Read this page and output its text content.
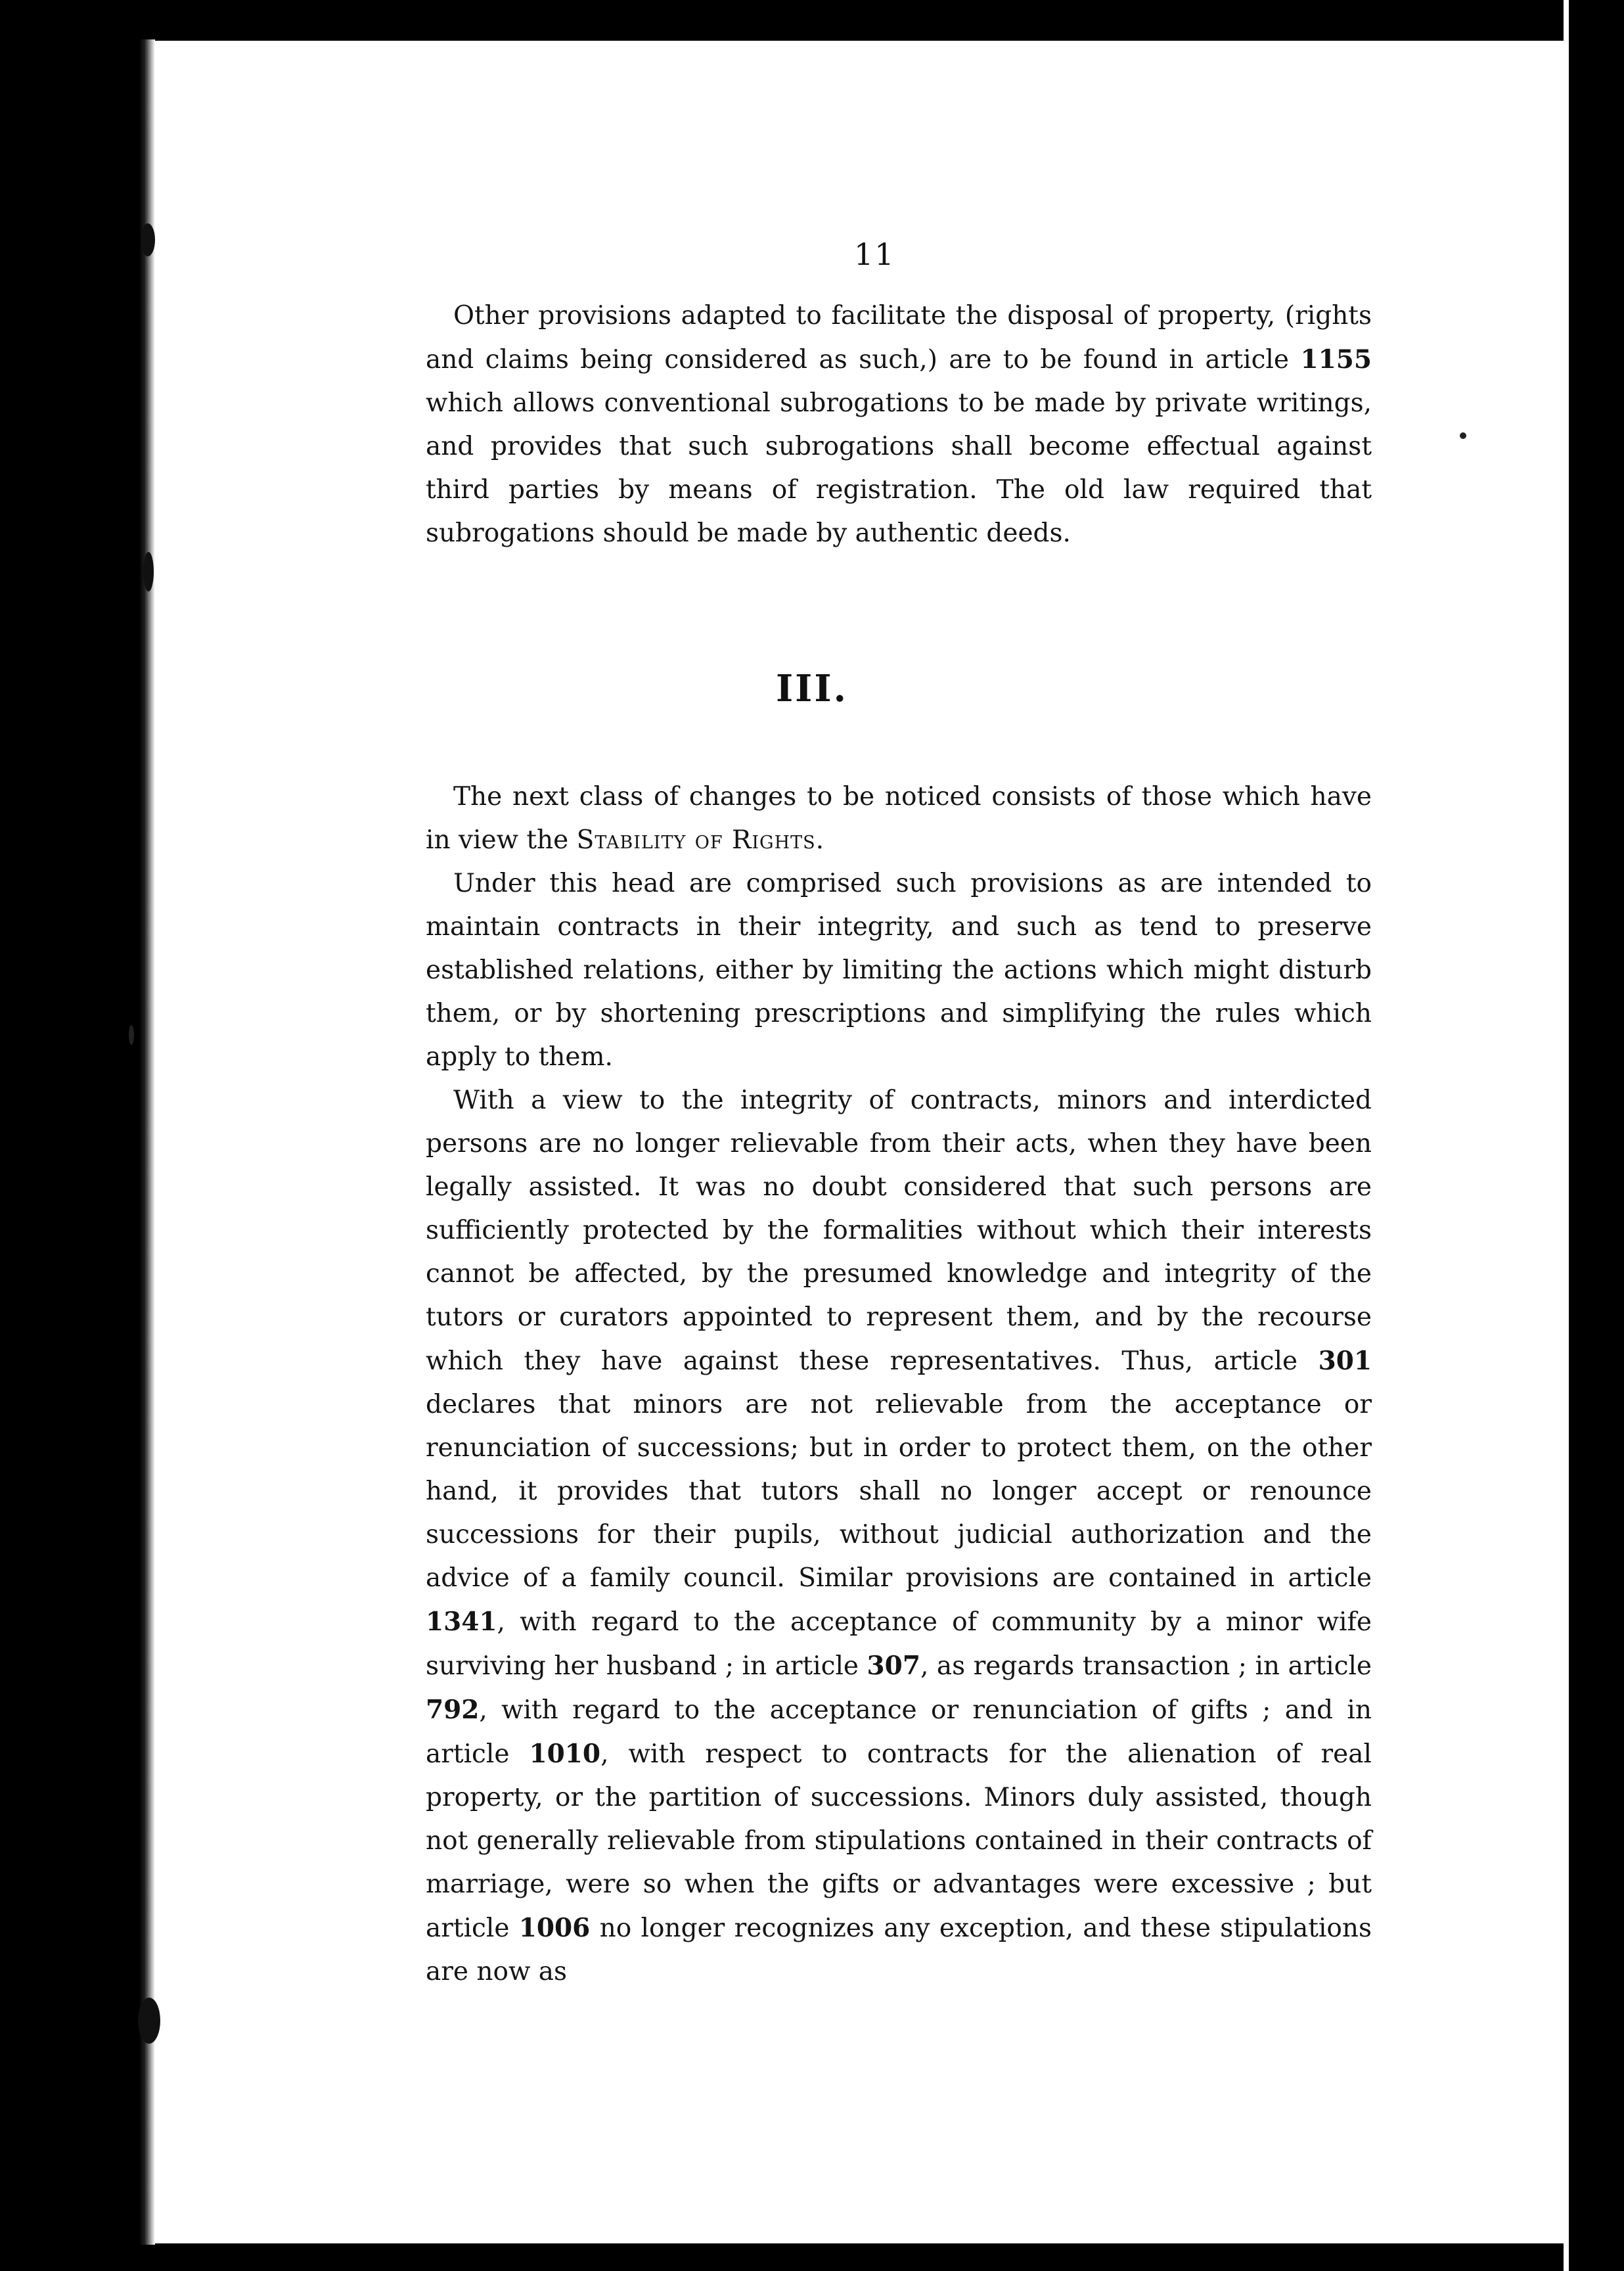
11

Other provisions adapted to facilitate the disposal of property, (rights and claims being considered as such,) are to be found in article 1155 which allows conventional subrogations to be made by private writings, and provides that such subrogations shall become effectual against third parties by means of registration. The old law required that subrogations should be made by authentic deeds.

III.

The next class of changes to be noticed consists of those which have in view the Stability of Rights.

Under this head are comprised such provisions as are intended to maintain contracts in their integrity, and such as tend to preserve established relations, either by limiting the actions which might disturb them, or by shortening prescriptions and simplifying the rules which apply to them.

With a view to the integrity of contracts, minors and interdicted persons are no longer relievable from their acts, when they have been legally assisted. It was no doubt considered that such persons are sufficiently protected by the formalities without which their interests cannot be affected, by the presumed knowledge and integrity of the tutors or curators appointed to represent them, and by the recourse which they have against these representatives. Thus, article 301 declares that minors are not relievable from the acceptance or renunciation of successions; but in order to protect them, on the other hand, it provides that tutors shall no longer accept or renounce successions for their pupils, without judicial authorization and the advice of a family council. Similar provisions are contained in article 1341, with regard to the acceptance of community by a minor wife surviving her husband ; in article 307, as regards transaction ; in article 792, with regard to the acceptance or renunciation of gifts ; and in article 1010, with respect to contracts for the alienation of real property, or the partition of successions. Minors duly assisted, though not generally relievable from stipulations contained in their contracts of marriage, were so when the gifts or advantages were excessive ; but article 1006 no longer recognizes any exception, and these stipulations are now as
